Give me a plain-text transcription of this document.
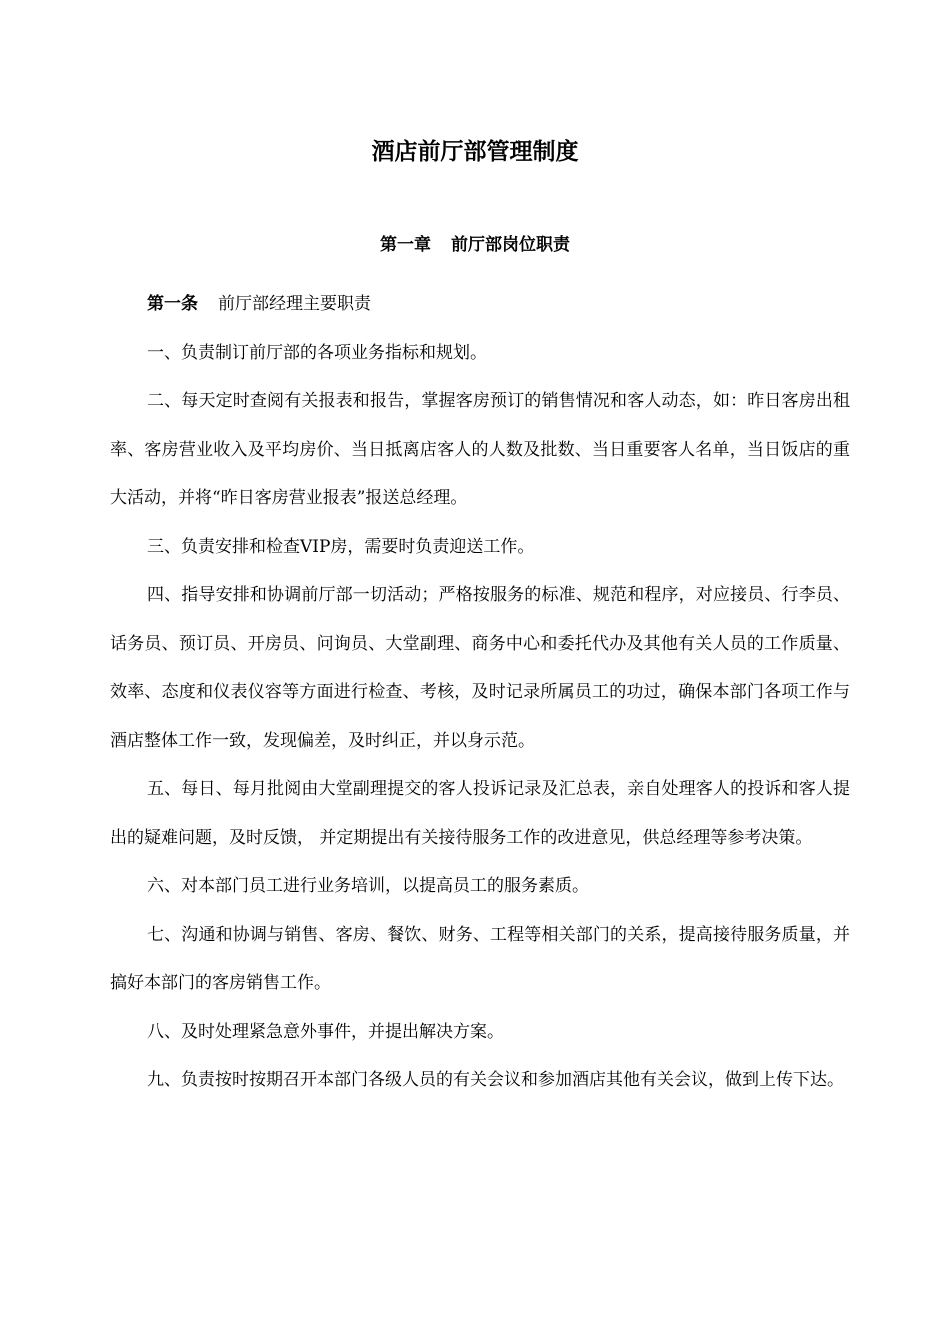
酒店前厅部管理制度
第一章 前厅部岗位职责

第一条 前厅部经理主要职责

一、负责制订前厅部的各项业务指标和规划。

二、每天定时查阅有关报表和报告，掌握客房预订的销售情况和客人动态，如：昨日客房出租率、客房营业收入及平均房价、当日抵离店客人的人数及批数、当日重要客人名单，当日饭店的重大活动，并将“昨日客房营业报表”报送总经理。

三、负责安排和检查VIP房，需要时负责迎送工作。

四、指导安排和协调前厅部一切活动；严格按服务的标准、规范和程序，对应接员、行李员、话务员、预订员、开房员、问询员、大堂副理、商务中心和委托代办及其他有关人员的工作质量、效率、态度和仪表仪容等方面进行检查、考核，及时记录所属员工的功过，确保本部门各项工作与酒店整体工作一致，发现偏差，及时纠正，并以身示范。

五、每日、每月批阅由大堂副理提交的客人投诉记录及汇总表，亲自处理客人的投诉和客人提出的疑难问题，及时反馈， 并定期提出有关接待服务工作的改进意见，供总经理等参考决策。

六、对本部门员工进行业务培训，以提高员工的服务素质。

七、沟通和协调与销售、客房、餐饮、财务、工程等相关部门的关系，提高接待服务质量，并搞好本部门的客房销售工作。

八、及时处理紧急意外事件，并提出解决方案。

九、负责按时按期召开本部门各级人员的有关会议和参加酒店其他有关会议，做到上传下达。
